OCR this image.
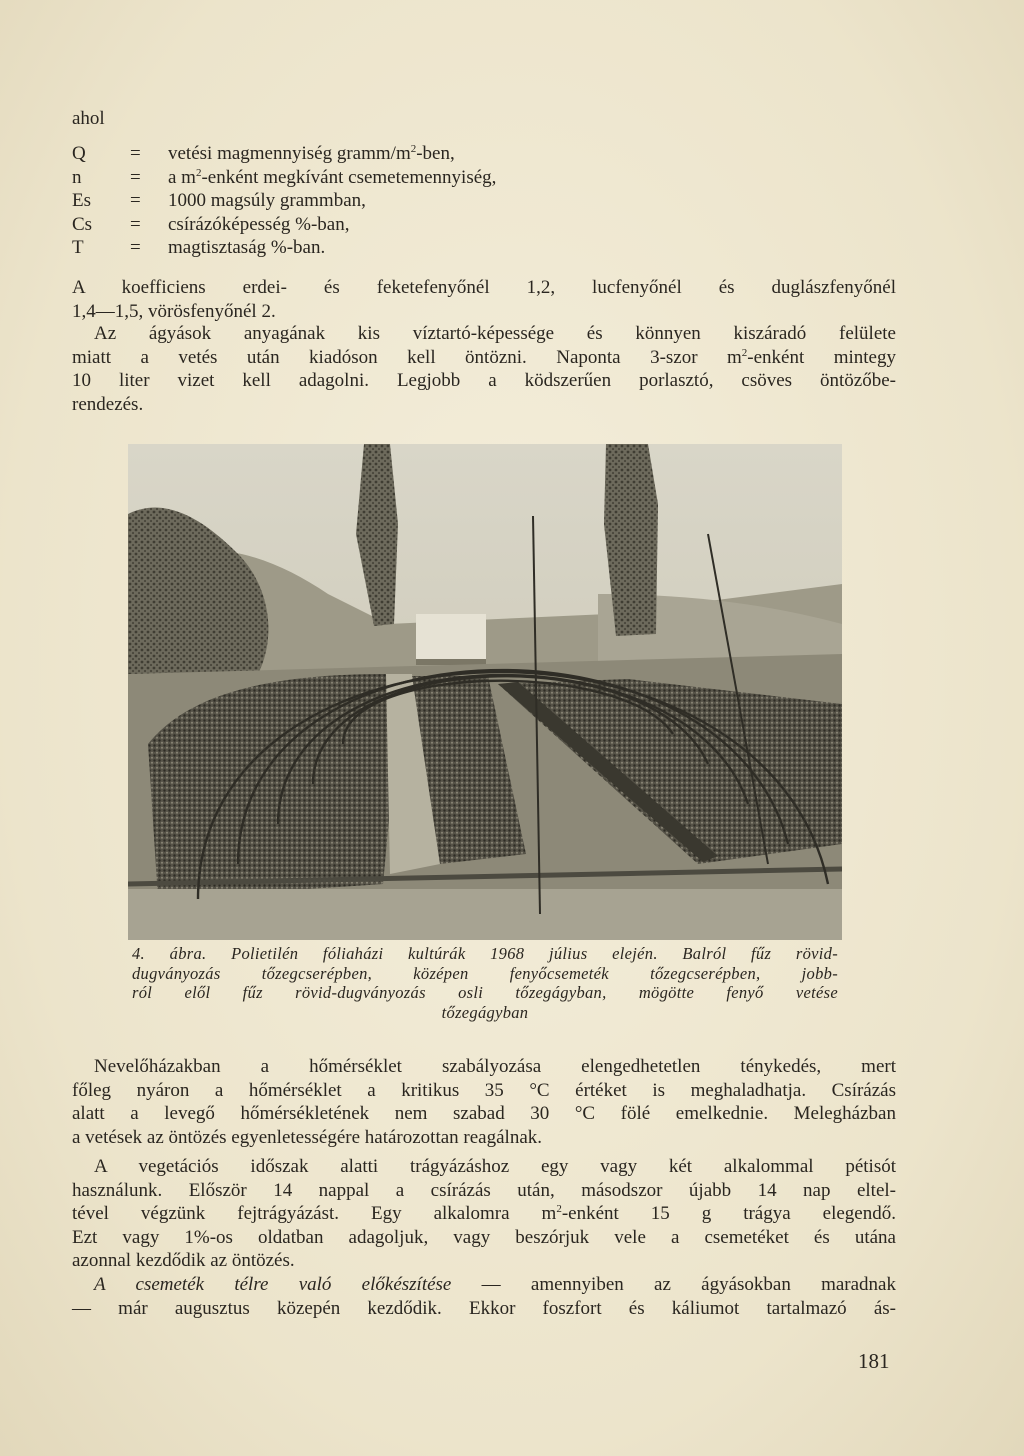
ahol
Q = vetési magmennyiség gramm/$m^2$-ben,
n	= a $m^2$-enként megkívánt csemetemennyiség,
Es = 1000 magsúly grammban,
Cs = csírázóképesség %-ban,
T = magtisztaság %-ban.
A koefficiens erdei- és feketefenyőnél 1,2, lucfenyőnél és duglászfenyőnél
1,4—1,5, vörösfenyőnél 2.
Az ágyások anyagának kis víztartó-képessége és könnyen kiszáradó felülete
miatt a vetés után kiadóson kell öntözni. Naponta 3-szor $m^2$-enként mintegy
10 liter vizet kell adagolni. Legjobb a ködszerűen porlasztó, csöves öntözőbe-
rendezés.
4. ábra. Polietilén fóliaházi kultúrák 1968 július elején. Balról fűz rövid-
dugványozás tőzegcserépben, középen fenyőcsemeték tőzegcserépben, jobb-
ról elől fűz rövid-dugványozás osli tőzegágyban, mögötte fenyő vetése
tőzegágyban
Nevelőházakban a hőmérséklet szabályozása elengedhetetlen ténykedés, mert
főleg nyáron a hőmérséklet a kritikus 35 °C értéket is meghaladhatja. Csírázás
alatt a levegő hőmérsékletének nem szabad 30 °C fölé emelkednie. Melegházban
a vetések az öntözés egyenletességére határozottan reagálnak.
A vegetációs időszak alatti trágyázáshoz egy vagy két alkalommal pétisót
használunk. Először 14 nappal a csírázás után, másodszor újabb 14 nap eltel-
tével végzünk fejtrágyázást. Egy alkalomra $m^2$-enként 15 g trágya elegendő.
Ezt vagy 1%-os oldatban adagoljuk, vagy beszórjuk vele a csemetéket és utána
azonnal kezdődik az öntözés.
A csemeték télre való előkészítése — amennyiben az ágyásokban maradnak
— már augusztus közepén kezdődik. Ekkor foszfort és káliumot tartalmazó ás-
181
